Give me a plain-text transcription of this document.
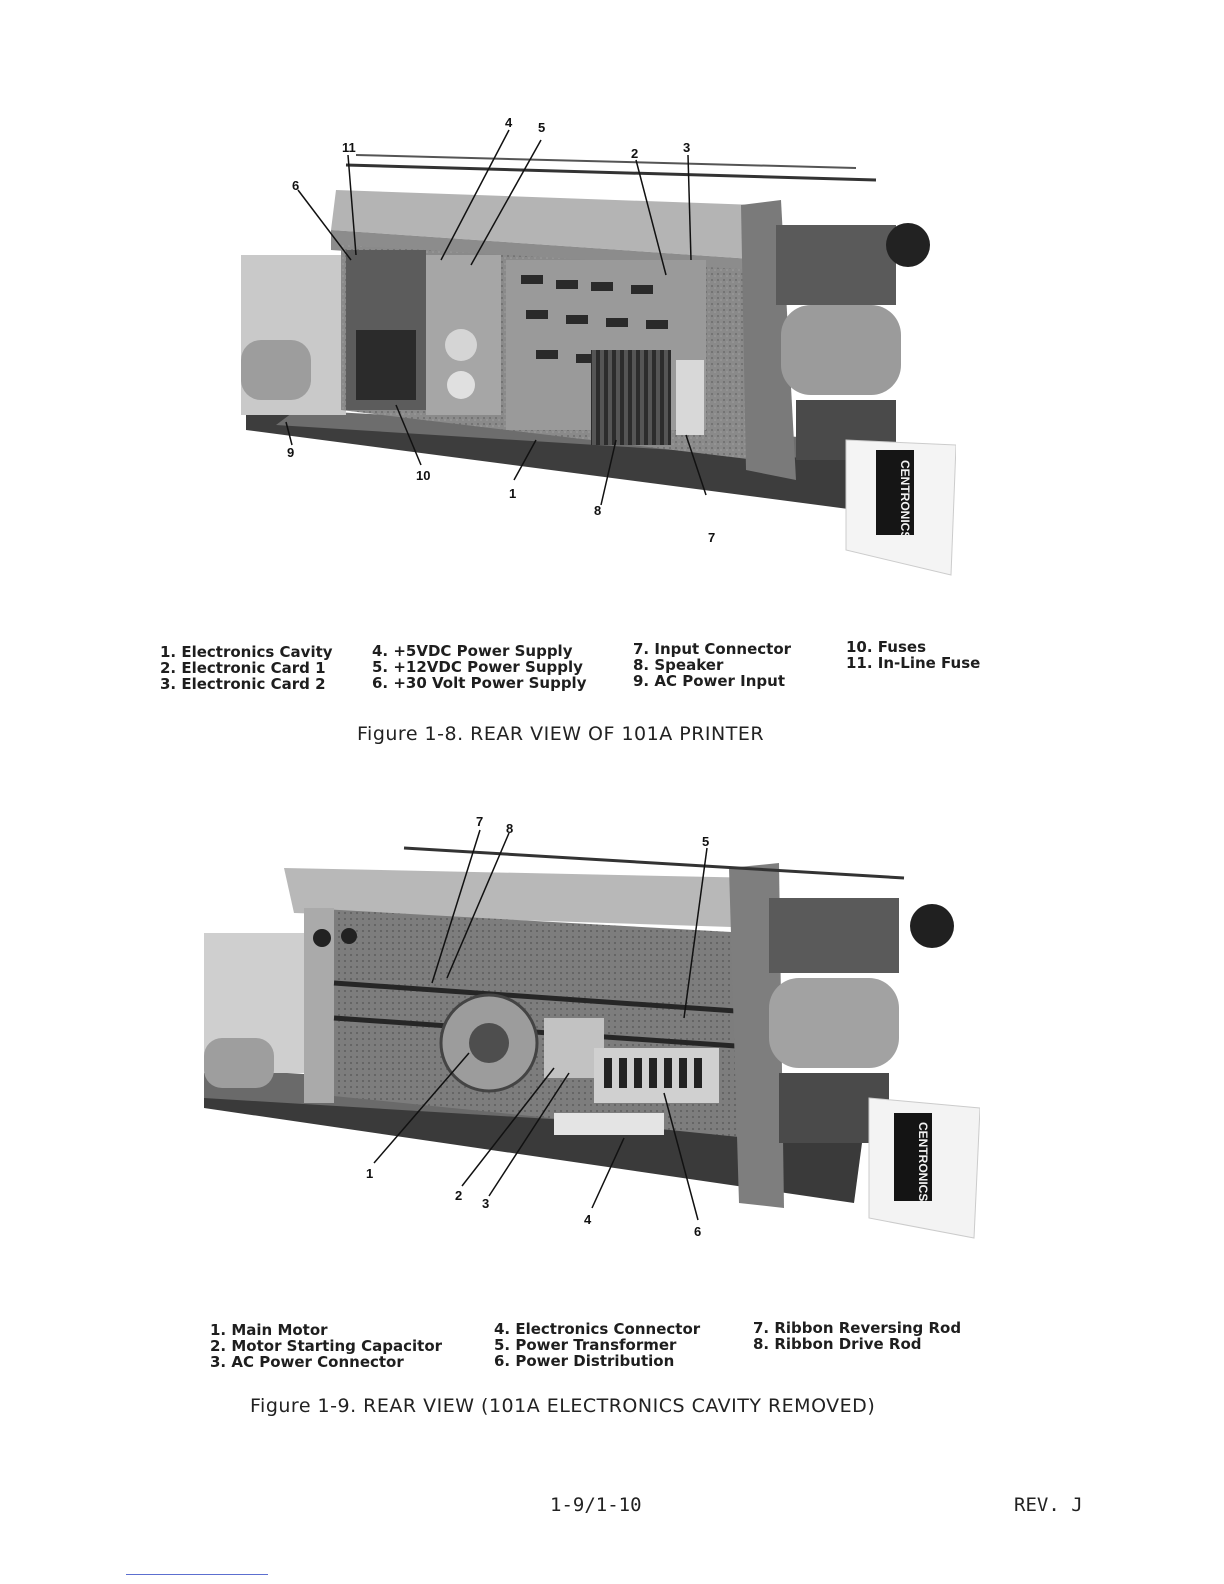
CENTRONICS
4 5
2	3
11
6
9
10
1
8
7
1. Electronics Cavity
2. Electronic Card 1
3. Electronic Card 2
4. +5VDC Power Supply
5. +12VDC Power Supply
6. +30 Volt Power Supply
7. Input Connector
8. Speaker
9. AC Power Input
10. Fuses
11. In-Line Fuse
Figure 1-8. REAR VIEW OF 101A PRINTER
CENTRONICS
7 8
5
1
2
3
4
6
1. Main Motor
2. Motor Starting Capacitor
3. AC Power Connector
4. Electronics Connector
5. Power Transformer
6. Power Distribution
7. Ribbon Reversing Rod
8. Ribbon Drive Rod
Figure 1-9. REAR VIEW (101A ELECTRONICS CAVITY REMOVED)
1-9/1-10	REV. J
